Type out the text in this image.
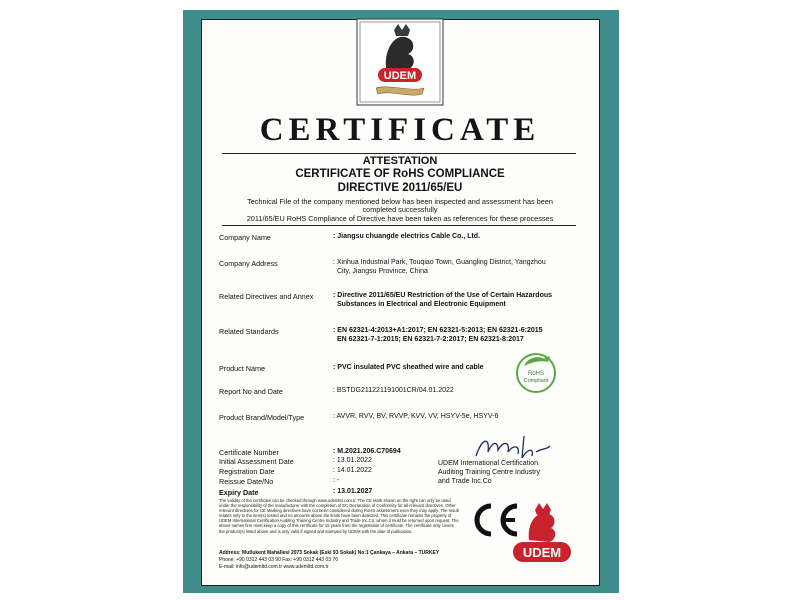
UDEM
CERTIFICATE
ATTESTATION
CERTIFICATE OF RoHS COMPLIANCE
DIRECTIVE 2011/65/EU
Technical File of the company mentioned below has been inspected and assessment has been
completed successfully
2011/65/EU RoHS Compliance of Directive have been taken as references for these processes
Company Name	: Jiangsu chuangde electrics Cable Co., Ltd.
Company Address	: Xinhua Industrial Park, Touqiao Town, Guangling District, Yangzhou
City, Jiangsu Province, China
Related Directives and Annex	: Directive 2011/65/EU Restriction of the Use of Certain Hazardous
Substances in Electrical and Electronic Equipment
Related Standards	: EN 62321-4:2013+A1:2017; EN 62321-5:2013; EN 62321-6:2015
EN 62321-7-1:2015; EN 62321-7-2:2017; EN 62321-8:2017
Product Name	: PVC insulated PVC sheathed wire and cable
Report No and Date	: BSTDG211221191001CR/04.01.2022
Product Brand/Model/Type	: AVVR, RVV, BV, RVVP, KVV, VV, HSYV-5e, HSYV-6
RoHS
Compliant
Certificate Number	: M.2021.206.C70694
Initial Assessment Date	: 13.01.2022
Registration Date	: 14.01.2022
Reissue Date/No	: -
Expiry Date	: 13.01.2027
UDEM International Certification
Auditing Training Centre Industry
and Trade Inc.Co
The validity of the certificate can be checked through www.udemltd.com.tr. The CE Mark shown on the right can only be used under the responsibility of the manufacturer with the completion of EC Declaration of Conformity for all relevant directives. Other relevant directives for CE Marking directives have not been considered during RoHS assessment even they may apply. The result relates only to the item(s) tested and no amounts above the limits have been detected. This certificate remains the property of UDEM International Certification Auditing Training Centre Industry and Trade Inc.Co, whom it must be returned upon request. The above names firm must keep a copy of this certificate for 15 years from the registration of certificate. The certificate only covers the product(s) listed above and is only valid if signed and stamped by UDEM with the date of publication.
Address: Mutlukent Mahallesi 2073 Sokak (Eski 93 Sokak) No:1 Çankaya – Ankara – TURKEY
Phone: +90 0312 443 03 90 Fax: +90 0312 443 03 76
E-mail: info@udemltd.com.tr www.udemltd.com.tr
UDEM
